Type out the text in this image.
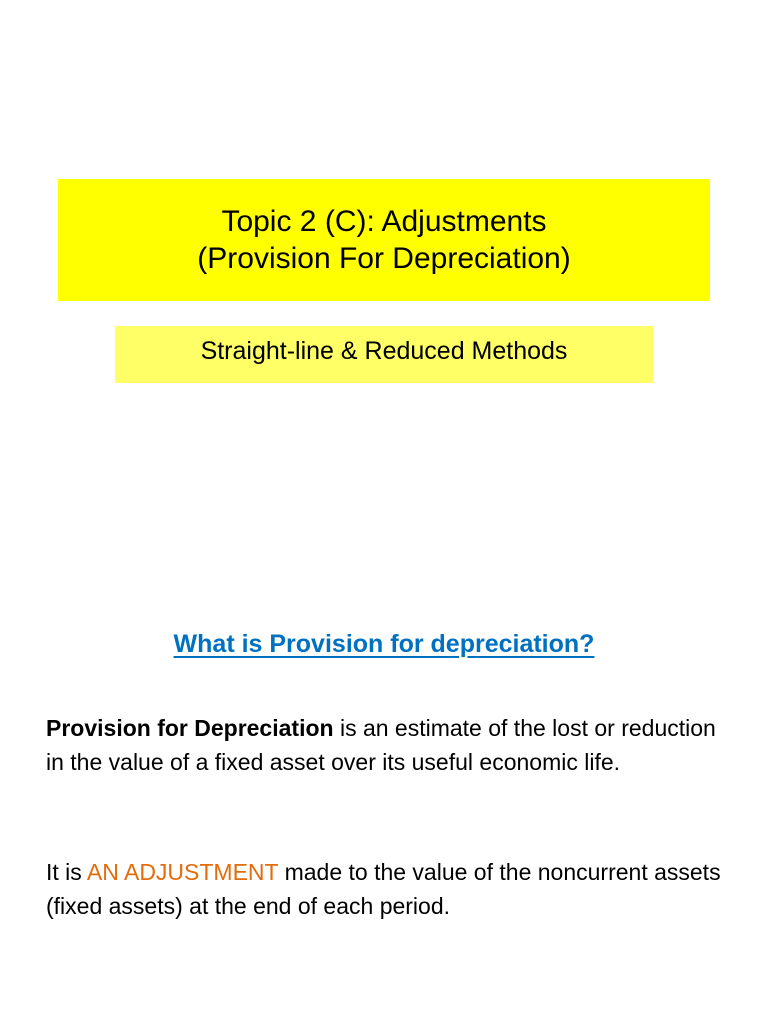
Topic 2 (C): Adjustments
(Provision For Depreciation)
Straight-line & Reduced Methods
What is Provision for depreciation?
Provision for Depreciation is an estimate of the lost or reduction in the value of a fixed asset over its useful economic life.
It is AN ADJUSTMENT made to the value of the noncurrent assets (fixed assets) at the end of each period.
